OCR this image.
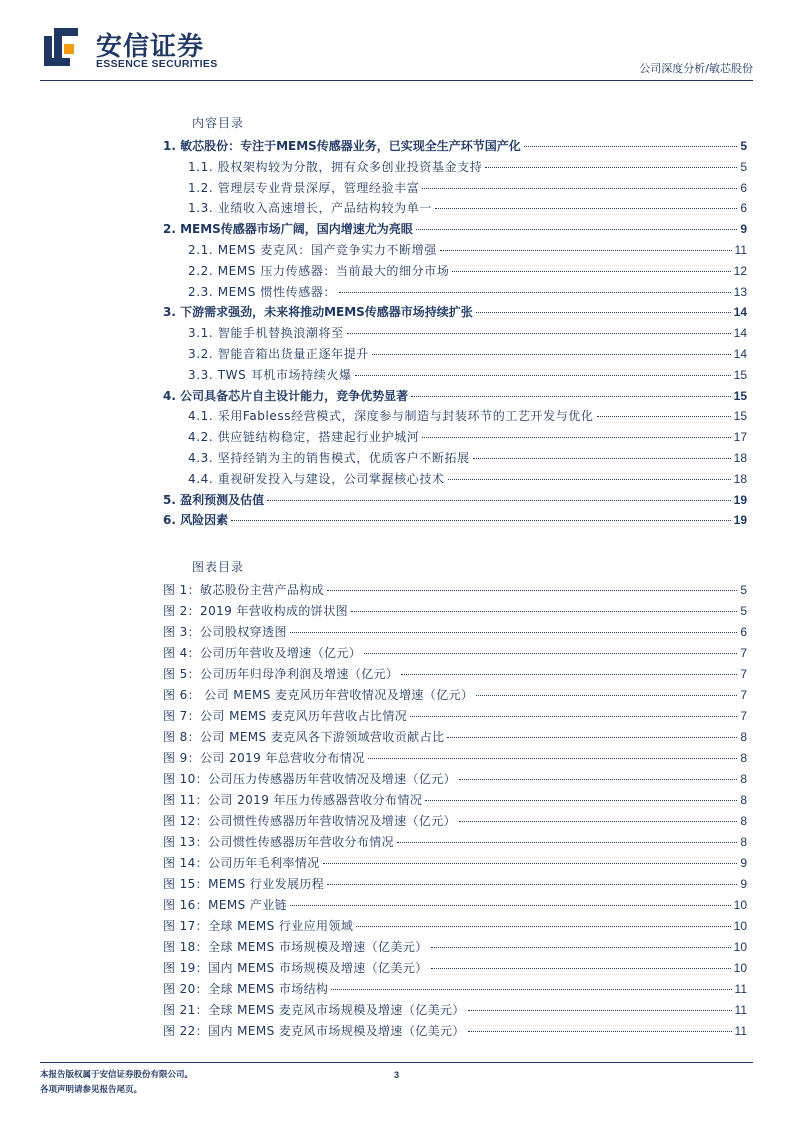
安信证券
ESSENCE SECURITIES	公司深度分析/敏芯股份
内容目录
1. 敏芯股份：专注于MEMS传感器业务，已实现全生产环节国产化	5
1.1. 股权架构较为分散，拥有众多创业投资基金支持	5
1.2. 管理层专业背景深厚，管理经验丰富	6
1.3. 业绩收入高速增长，产品结构较为单一	6
2. MEMS传感器市场广阔，国内增速尤为亮眼	9
2.1. MEMS 麦克风：国产竞争实力不断增强	11
2.2. MEMS 压力传感器：当前最大的细分市场	12
2.3. MEMS 惯性传感器：	13
3. 下游需求强劲，未来将推动MEMS传感器市场持续扩张	14
3.1. 智能手机替换浪潮将至	14
3.2. 智能音箱出货量正逐年提升	14
3.3. TWS 耳机市场持续火爆	15
4. 公司具备芯片自主设计能力，竞争优势显著	15
4.1. 采用Fabless经营模式，深度参与制造与封装环节的工艺开发与优化	15
4.2. 供应链结构稳定，搭建起行业护城河	17
4.3. 坚持经销为主的销售模式，优质客户不断拓展	18
4.4. 重视研发投入与建设，公司掌握核心技术	18
5. 盈利预测及估值	19
6. 风险因素	19
图表目录
图 1：敏芯股份主营产品构成	5
图 2：2019 年营收构成的饼状图	5
图 3：公司股权穿透图	6
图 4：公司历年营收及增速（亿元）	7
图 5：公司历年归母净利润及增速（亿元）	7
图 6： 公司 MEMS 麦克风历年营收情况及增速（亿元）	7
图 7：公司 MEMS 麦克风历年营收占比情况	7
图 8：公司 MEMS 麦克风各下游领域营收贡献占比	8
图 9：公司 2019 年总营收分布情况	8
图 10：公司压力传感器历年营收情况及增速（亿元）	8
图 11：公司 2019 年压力传感器营收分布情况	8
图 12：公司惯性传感器历年营收情况及增速（亿元）	8
图 13：公司惯性传感器历年营收分布情况	8
图 14：公司历年毛利率情况	9
图 15：MEMS 行业发展历程	9
图 16：MEMS 产业链	10
图 17：全球 MEMS 行业应用领域	10
图 18：全球 MEMS 市场规模及增速（亿美元）	10
图 19：国内 MEMS 市场规模及增速（亿美元）	10
图 20：全球 MEMS 市场结构	11
图 21：全球 MEMS 麦克风市场规模及增速（亿美元）	11
图 22：国内 MEMS 麦克风市场规模及增速（亿美元）	11
本报告版权属于安信证券股份有限公司。
各项声明请参见报告尾页。
3
